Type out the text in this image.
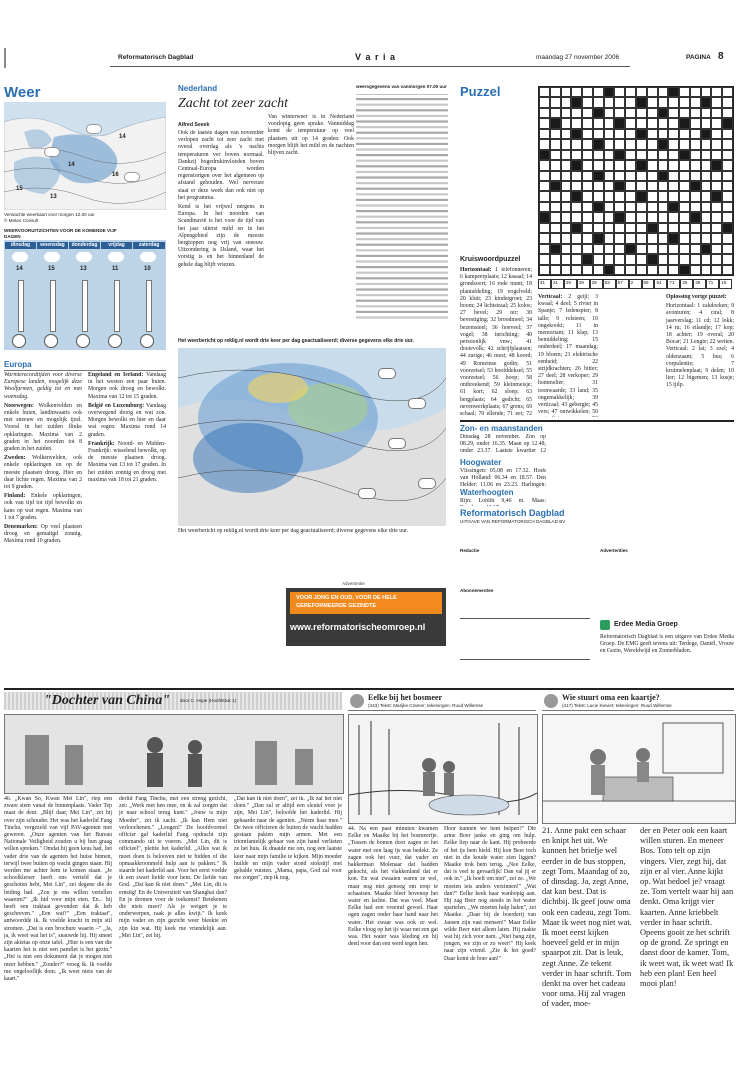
Reformatorisch Dagblad	V a r i a	maandag 27 november 2006	PAGINA 8
Weer
14
15
16
14
13
Verwachte weerkaart voor morgen 12.00 uur
© Meteo Consult
WEERVOORUITZICHTEN VOOR DE KOMENDE VIJF DAGEN
dinsdag	woensdag	donderdag	vrijdag	zaterdag
14	15	13	11	10
Europa

Warmterecordtijden voor diverse Europese landen, mogelijk deze Woolfarmen, geldig tot en met woensdag.

Noorwegen: Wolkenvelden en enkele buien, landinwaarts ook met sneeuw en mogelijk ijzel. Vooral in het zuiden flinke opklaringen. Maxima van 2 graden in het noorden tot 8 graden in het zuiden.

Zweden: Wolkenvelden, ook enkele opklaringen en op de meeste plaatsen droog. Hier en daar lichte regen. Maxima van 2 tot 9 graden.

Finland: Enkele opklaringen, ook van tijd tot tijd bewolkt en kans op wat regen. Maxima van 1 tot 7 graden.

Denemarken: Op veel plaatsen droog en gematigd zonnig. Maxima rond 10 graden.

Engeland en Ierland: Vandaag in het westen een paar buien. Morgen ook droog en bewolkt. Maxima van 12 tot 15 graden.

België en Luxemburg: Vandaag overwegend droog en wat zon. Morgen bewolkt en hier en daar wat regen. Maxima rond 14 graden.

Frankrijk: Noord- en Midden-Frankrijk: wisselend bewolkt, op de meeste plaatsen droog. Maxima van 13 tot 17 graden. In het zuiden zonnig en droog met maxima van 18 tot 21 graden.

Nederland
Zacht tot zeer zacht
Alfred Seeek

Ook de laatste dagen van november verlopen zacht tot zeer zacht met overal overdag als 's nachts temperaturen ver boven normaal. Dankzij hogedrukinvloeden boven Centraal-Europa worden regenstorigen over het algemeen op afstand gehouden. Wel nerveuze staat er deze week dan ook niet op het programma.

Kend is het vrijwel nergens in Europa. In het noorden van Scandinavië is het voor de tijd van het jaar uiterst mild en in het Alpengebied zijn de meeste bergtoppen nog vrij van sneeuw. Uitzondering is IJsland, waar het vorstig is en het binnenland de gehele dag blijft vriezen.

Van winterweer is in Nederland voorlopig geen sprake. Vanmiddag komt de temperatuur op veel plaatsen uit op 14 graden. Ook morgen blijft het mild en de nachten blijven zacht.

weersgegevens van vanmorgen 07.00 uur
Het weerbericht op reklig.nl wordt drie keer per dag geactualiseerd; diverse gegevens elke drie uur.

Het weerbericht op reklig.nl wordt drie keer per dag geactualiseerd; diverse gegevens elke drie uur.

Advertentie
VOOR JONG EN OUD, VOOR DE HELE
GEREFORMEERDE GEZINDTE
www.reformatorischeomroep.nl
Puzzel
Kruiswoordpuzzel
41	31	29	39	28	53	57	2	59	54	71	25	39	71	18

Horizontaal: 1 telefonneren; 6 kampeerplaats; 12 kasaal; 14 grondsoort; 16 rode munt; 18 plantafdeling; 19 vogelveld; 20 kluit; 23 kindergroet; 23 boom; 24 lichtstraal; 25 kolos; 27 bevel; 29 ter; 30 bevestiging; 32 broodmeel; 34 bezemsteel; 36 hoeveel; 37 vogel; 38 inrichting; 40 persoonlijk vnw.; 41 dooievolk; 42 schrijfplaatsen; 44 zurige; 46 mest; 48 koord; 49 Romeinse godin; 51 voorzetsel; 53 hoofddeksel; 55 voorzetsel; 56 hoop; 58 ontbreekend; 59 kleinmeisje; 61 kort; 62 sloep; 63 bergplaats; 64 gedicht; 65 nevenwerkplaats; 67 grens; 69 schaal; 70 ellende; 71 eet; 72

Verticaal: 2 geijl; 3 kwaal; 4 deel; 5 rivier in Spanje; 7 ledenspier; 8 talle; 9 rolsteen; 10 ongekookt; 11 in memoriam; 11 klap; 13 bemiddeling; 15 onderdeel; 17 maandag; 19 bloem; 21 elektrische eenheid; 22 strijdkrachten; 26 bitter; 27 deel; 28 verkoper; 29 hommelier; 31 toonwaarde; 33 land; 35 ongemakkelijk; 39 verticaal; 43 gebergte; 45 vers; 47 ontwikkelen; 50

Oplossing vorige puzzel:

Horizontaal: 1 zakdoeken; 9 avonturen; 4 ciral; 8 jaarverslag; 11 cd; 12 lokk; 14 ru; 16 eilandje; 17 kop; 18 achter; 19 overal; 20 Bocar; 21 Lengte; 22 wetten. Verticaal: 2 lat; 3 ezel; 4 oldenzaam; 5 bus; 6 corpulentie; 7 kruimelenplaat; 9 delen; 10 lier; 12 bigemen; 13 kusje; 15 tjilp.

Zon- en maanstanden
Dinsdag 28 november. Zon op 08.29, onder 16.35. Maan op 12.48, onder 23.37. Laatste kwartier 12
Hoogwater
Vlissingen: 05.08 en 17.32. Hoek van Holland: 06.34 en 18.57. Den Helder: 11.06 en 23.23. Harlingen:
Waterhoogten
Rijn: Lobith 9,46 m. Maas:
Reformatorisch Dagblad
UITGAVE VAN REFORMATORISCH DAGBLAD BV
Redactie
Abonnementen
Advertenties
Erdee Media Groep
Reformatorisch Dagblad is een uitgave van Erdee Media Groep. De EMG geeft tevens uit: Terdege, Daniël, Vrouw en Gezin, Wereldwijd en Zomerbladen.
"Dochter van China" door C. Hope (Hoofdstuk 1)
46. „Kwan So, Kwan Mei Lin", riep een zware stem vanaf de binnenplaats. Vader Tep maar de deur. „Blijf daar, Mei Lin", zei hij over zijn schouder. Het was het kaderlid Fang Tinchu, vergezeld van vijf PAV-agenten met geweren. „Onze agenten van het Bureau Nationale Veiligheid zouden u bij hun graag willen spreken." Omdat hij geen keus had, liet vader drie van de agenten het huise binnen, terwijl twee buiten op wacht gingen staan. Hij werden me achter hem te komen staan. „Je schoolklerser heeft ons verteld dat je geschoten hebt, Mei Lin", zei degene die de leiding had. „Zou je ons willen vertellen waarom?" „Ik hid voor mijn eten. En... hij heeft een traktaat gevonden dat ik heb geschreven." „Een wat?" „Een traktaat", antwoordde ik. Ik voelde kracht in mijn stil stromen. „Dat is een brochure waarin –" „Ja, ja, ik weet wat het is", snauwde hij. Hij smeet zijn aktetas op onze tafel. „Hier is een van die kaarten het is niet een pamflet is het gezin." „Het is niet een dokument dat je mogen niet meer hebben." „Zonder?" vroeg ik. Ik voelde me ongelooflijk dom. „Ik weet niets van de kaart."
derlid Fang Tinchu, met een streng gezicht, zei: „Werk met hen mee, en ik zal zorgen dat je naar school terug kunt." „Jouw is mijn Moeder", zei ik zacht. „Ik kan Hem niet verloochenen." „Leugen!" De hoofdvormel officier gaf kaderlid Fang opdracht zijn commando uit te voeren. „Mei Lin, dit is officieel", pleitte het kaderlid. „Alles wat ik moet doen is belooven niet te bidden of die opmaakkroonmeld hulp aan te pakken." Ik staarde het kaderlid aan. Voor het eerst voelde ik een zwart liefde voor hem. De liefde van God. „Dat kan ik niet doen." „Mei Lin, dit is ernstig! En de Universiteit van Shanghai dan? En je dromen voor de toekomst? Betekenen die niets meer? Als je weigert je te onderwerpen, raak je alles kwijt." Ik keek mijn vader en zijn gezicht weer bleekte en zijn kin wat. Hij keek me vriendelijk aan. „Mei Lin", zei hij.
„Dat kan ik niet doen", zei ik. „Ik zal het niet doen." „Dan zal er altijd een sleutel voor je zijn, Mei Lin", beloofde het kaderlid. Hij gebaarde naar de agenten. „Neem haar mee." De twee officieren de buiten de wacht hadden gestaan pakten mijn armen. Met een triomfantelijk gebaar van zijn hand verlieten ze het huis. Ik draaide me om, nog een laatste keer naar mijn familie te kijken. Mijn moeder huilde en mijn vader stond stokstijf met gebalde vuisten. „Mama, papa, God zal voor me zorgen", riep ik nog.
Eelke bij het bosmeer
(343) Tekst: Marijke Cramer; tekeningen: Ruud Willemse
44. Na een paar minuten kwamen Eelke en Maaike bij het bosmeertje. „Tussen de bomen door zagen ze het water met een laag ijs was bedekt. Ze zagen ook het vuur, dat vader en bakkerman Molenaar dat hadden gekocht, als het vlakkenland dat er kon. En wat zwaaien waren ze wel, maar nog niet genoeg om erop te schaatsen. Maaike bleef bovenop het water en lachte. Dat was veel. Maar Eelke had een vreemd gevoel. Haar ogen zagen onder haar hand naar het water. Het zwaar was ook ze wel. Eelke vloog op het ijs waar net een gat was. Het water was kleding en hij deed voor dan een werd tegen hen.
Hoor kunnen we hem helpen?" Die arme Boer janke en ging om hulp. Eelke liep naar de kant. Hij probeerde of het ijs hem hield. Hij kon Beer toch niet in die koude water zien liggen? Maaike trok hem terug. „Nee Eelke, dat is veel te gevaarlijk! Dan val jij er ook in." „Ik hoeft om niet", zei ze. „We moeten iets anders verzinnen!" „Wat dan?" Eelke keek haar wanhopig aan. Hij zag Beer nog steeds in het water spartelen. „We moeten hulp halen", zei Maaike. „Daar bij de boerderij van Jansen zijn vast mensen!" Maar Eelke wilde Beer niet alleen laten. Hij raakte wat hij zich voor nam. „Niet bang zijn, jongen, we zijn er zo weer!" Hij keek naar zijn vriend. „Zie ik het goed? Daar komt de boer aan!"
Wie stuurt oma een kaartje?
(417) Tekst: Lucie Kieviet; tekeningen: Ruud Willemse
21. Anne pakt een schaar en knipt het uit. We kunnen het briefje wel eerder in de bus stoppen, zegt Tom. Maandag of zo, of dinsdag. Ja, zegt Anne, dat kan best. Dat is dichtbij. Ik geef jouw oma ook een cadeau, zegt Tom. Maar ik weet nog niet wat. Ik moet eerst kijken hoeveel geld er in mijn spaarpot zit. Dat is leuk, zegt Anne. Ze tekent verder in haar schrift. Tom denkt na over het cadeau voor oma. Hij zal vragen of vader, moe-
der en Peter ook een kaart willen sturen. En meneer Bos. Tom telt op zijn vingers. Vier, zegt hij, dat zijn er al vier. Anne kijkt op. Wat bedoel je? vraagt ze. Tom vertelt waar hij aan denkt. Oma krijgt vier kaarten. Anne kriebbelt verder in haar schrift. Opeens gooit ze het schrift op de grond. Ze springt en danst door de kamer. Tom, ik weet wat, ik weet wat! Ik heb een plan! Een heel mooi plan!
